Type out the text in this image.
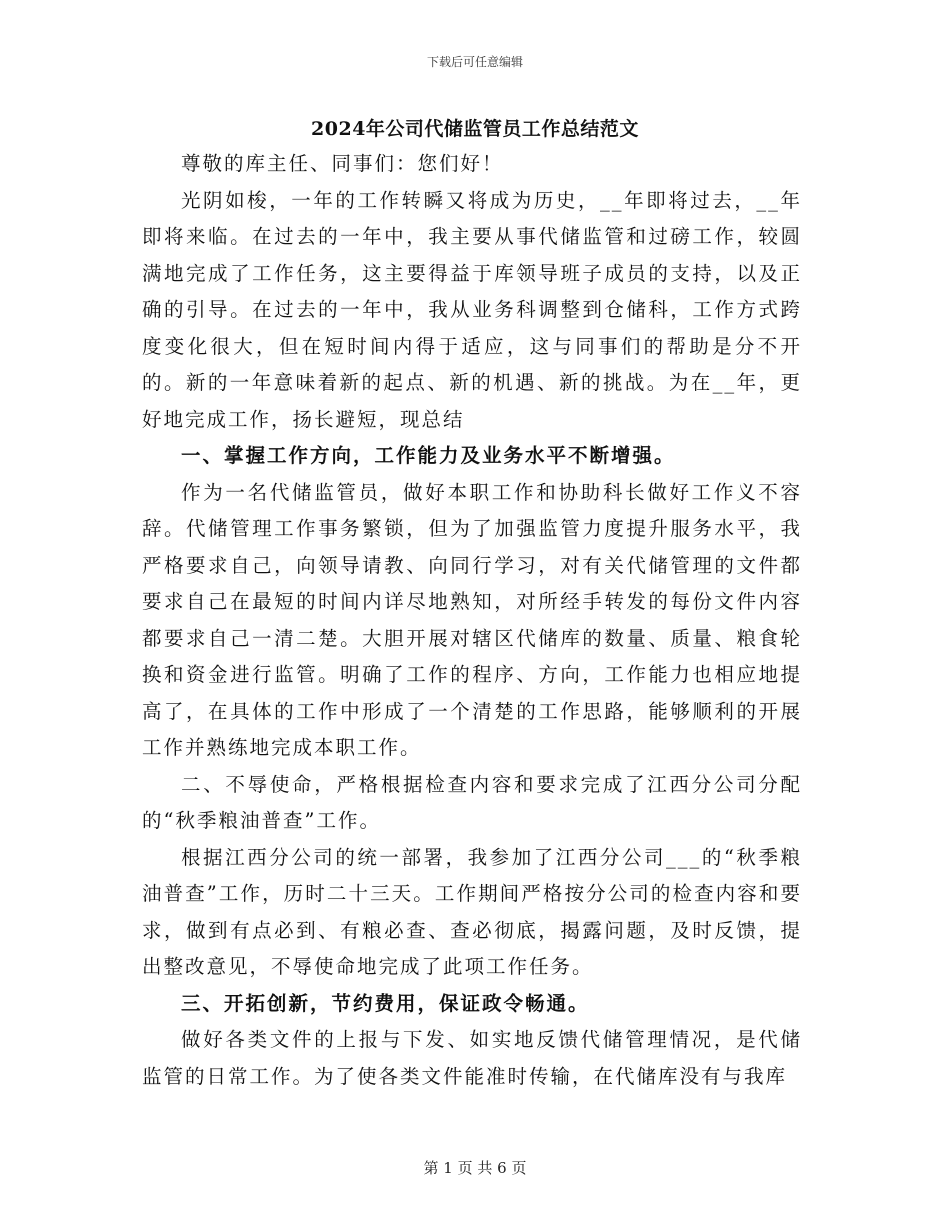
下载后可任意编辑
2024年公司代储监管员工作总结范文

尊敬的库主任、同事们：您们好！

光阴如梭，一年的工作转瞬又将成为历史，__年即将过去，__年即将来临。在过去的一年中，我主要从事代储监管和过磅工作，较圆满地完成了工作任务，这主要得益于库领导班子成员的支持，以及正确的引导。在过去的一年中，我从业务科调整到仓储科，工作方式跨度变化很大，但在短时间内得于适应，这与同事们的帮助是分不开的。新的一年意味着新的起点、新的机遇、新的挑战。为在__年，更好地完成工作，扬长避短，现总结

一、掌握工作方向，工作能力及业务水平不断增强。

作为一名代储监管员，做好本职工作和协助科长做好工作义不容辞。代储管理工作事务繁锁，但为了加强监管力度提升服务水平，我严格要求自己，向领导请教、向同行学习，对有关代储管理的文件都要求自己在最短的时间内详尽地熟知，对所经手转发的每份文件内容都要求自己一清二楚。大胆开展对辖区代储库的数量、质量、粮食轮换和资金进行监管。明确了工作的程序、方向，工作能力也相应地提高了，在具体的工作中形成了一个清楚的工作思路，能够顺利的开展工作并熟练地完成本职工作。

二、不辱使命，严格根据检查内容和要求完成了江西分公司分配的“秋季粮油普查”工作。

根据江西分公司的统一部署，我参加了江西分公司___的“秋季粮油普查”工作，历时二十三天。工作期间严格按分公司的检查内容和要求，做到有点必到、有粮必查、查必彻底，揭露问题，及时反馈，提出整改意见，不辱使命地完成了此项工作任务。

三、开拓创新，节约费用，保证政令畅通。

做好各类文件的上报与下发、如实地反馈代储管理情况，是代储监管的日常工作。为了使各类文件能准时传输，在代储库没有与我库

第 1 页 共 6 页
